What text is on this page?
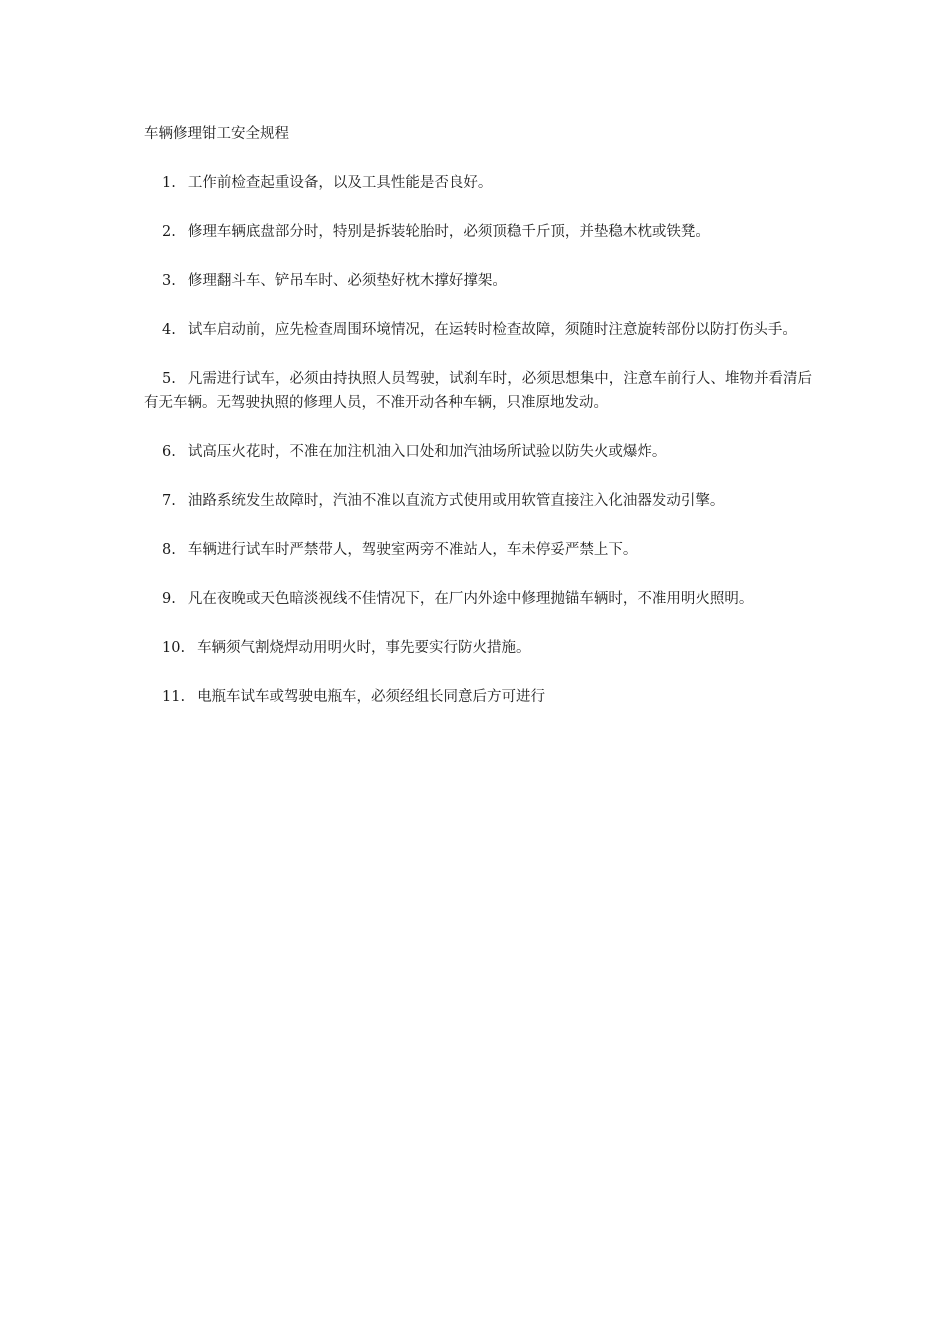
车辆修理钳工安全规程
1. 工作前检查起重设备，以及工具性能是否良好。
2. 修理车辆底盘部分时，特别是拆装轮胎时，必须顶稳千斤顶，并垫稳木枕或铁凳。
3. 修理翻斗车、铲吊车时、必须垫好枕木撑好撑架。
4. 试车启动前，应先检查周围环境情况，在运转时检查故障，须随时注意旋转部份以防打伤头手。
5. 凡需进行试车，必须由持执照人员驾驶，试刹车时，必须思想集中，注意车前行人、堆物并看清后有无车辆。无驾驶执照的修理人员，不准开动各种车辆，只准原地发动。
6. 试高压火花时，不准在加注机油入口处和加汽油场所试验以防失火或爆炸。
7. 油路系统发生故障时，汽油不准以直流方式使用或用软管直接注入化油器发动引擎。
8. 车辆进行试车时严禁带人，驾驶室两旁不准站人，车未停妥严禁上下。
9. 凡在夜晚或天色暗淡视线不佳情况下，在厂内外途中修理抛锚车辆时，不准用明火照明。
10. 车辆须气割烧焊动用明火时，事先要实行防火措施。
11. 电瓶车试车或驾驶电瓶车，必须经组长同意后方可进行
